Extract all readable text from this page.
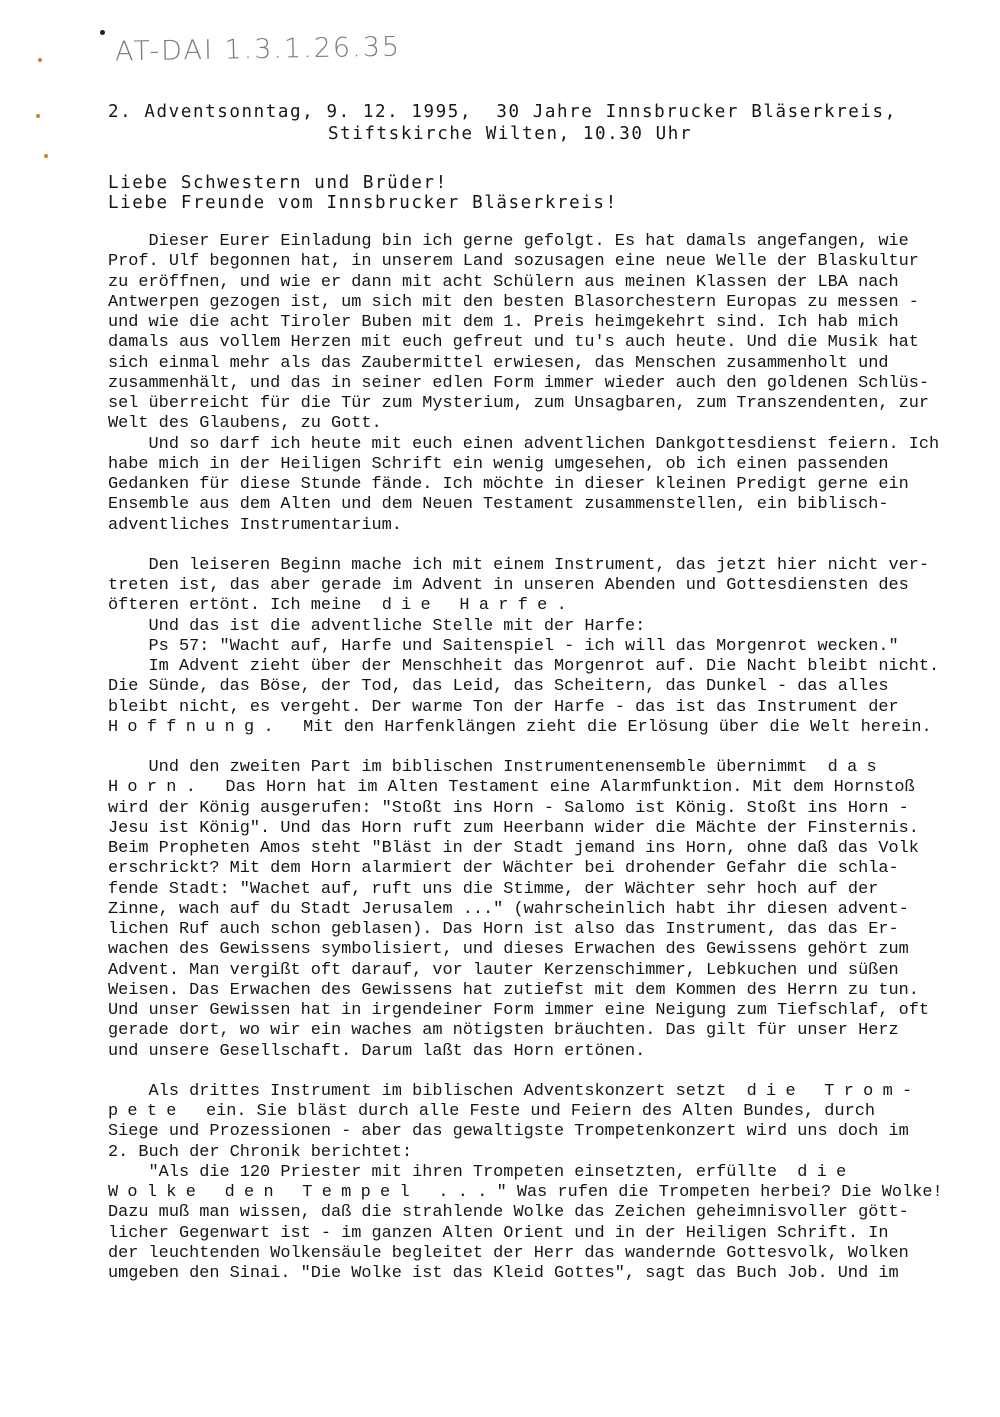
AT-DAI 1.3.1.26.35
2. Adventsonntag, 9. 12. 1995,  30 Jahre Innsbrucker Bläserkreis,
Stiftskirche Wilten, 10.30 Uhr
Liebe Schwestern und Brüder!
Liebe Freunde vom Innsbrucker Bläserkreis!
Dieser Eurer Einladung bin ich gerne gefolgt. Es hat damals angefangen, wie
Prof. Ulf begonnen hat, in unserem Land sozusagen eine neue Welle der Blaskultur
zu eröffnen, und wie er dann mit acht Schülern aus meinen Klassen der LBA nach
Antwerpen gezogen ist, um sich mit den besten Blasorchestern Europas zu messen -
und wie die acht Tiroler Buben mit dem 1. Preis heimgekehrt sind. Ich hab mich
damals aus vollem Herzen mit euch gefreut und tu's auch heute. Und die Musik hat
sich einmal mehr als das Zaubermittel erwiesen, das Menschen zusammenholt und
zusammenhält, und das in seiner edlen Form immer wieder auch den goldenen Schlüs-
sel überreicht für die Tür zum Mysterium, zum Unsagbaren, zum Transzendenten, zur
Welt des Glaubens, zu Gott.
Und so darf ich heute mit euch einen adventlichen Dankgottesdienst feiern. Ich
habe mich in der Heiligen Schrift ein wenig umgesehen, ob ich einen passenden
Gedanken für diese Stunde fände. Ich möchte in dieser kleinen Predigt gerne ein
Ensemble aus dem Alten und dem Neuen Testament zusammenstellen, ein biblisch-
adventliches Instrumentarium.
Den leiseren Beginn mache ich mit einem Instrument, das jetzt hier nicht ver-
treten ist, das aber gerade im Advent in unseren Abenden und Gottesdiensten des
öfteren ertönt. Ich meine  die Harfe.
Und das ist die adventliche Stelle mit der Harfe:
Ps 57: "Wacht auf, Harfe und Saitenspiel - ich will das Morgenrot wecken."
Im Advent zieht über der Menschheit das Morgenrot auf. Die Nacht bleibt nicht.
Die Sünde, das Böse, der Tod, das Leid, das Scheitern, das Dunkel - das alles
bleibt nicht, es vergeht. Der warme Ton der Harfe - das ist das Instrument der
Hoffnung.  Mit den Harfenklängen zieht die Erlösung über die Welt herein.
Und den zweiten Part im biblischen Instrumentenensemble übernimmt  das
Horn.  Das Horn hat im Alten Testament eine Alarmfunktion. Mit dem Hornstoß
wird der König ausgerufen: "Stoßt ins Horn - Salomo ist König. Stoßt ins Horn -
Jesu ist König". Und das Horn ruft zum Heerbann wider die Mächte der Finsternis.
Beim Propheten Amos steht "Bläst in der Stadt jemand ins Horn, ohne daß das Volk
erschrickt? Mit dem Horn alarmiert der Wächter bei drohender Gefahr die schla-
fende Stadt: "Wachet auf, ruft uns die Stimme, der Wächter sehr hoch auf der
Zinne, wach auf du Stadt Jerusalem ..." (wahrscheinlich habt ihr diesen advent-
lichen Ruf auch schon geblasen). Das Horn ist also das Instrument, das das Er-
wachen des Gewissens symbolisiert, und dieses Erwachen des Gewissens gehört zum
Advent. Man vergißt oft darauf, vor lauter Kerzenschimmer, Lebkuchen und süßen
Weisen. Das Erwachen des Gewissens hat zutiefst mit dem Kommen des Herrn zu tun.
Und unser Gewissen hat in irgendeiner Form immer eine Neigung zum Tiefschlaf, oft
gerade dort, wo wir ein waches am nötigsten bräuchten. Das gilt für unser Herz
und unsere Gesellschaft. Darum laßt das Horn ertönen.
Als drittes Instrument im biblischen Adventskonzert setzt  die Trom-
pete  ein. Sie bläst durch alle Feste und Feiern des Alten Bundes, durch
Siege und Prozessionen - aber das gewaltigste Trompetenkonzert wird uns doch im
2. Buch der Chronik berichtet:
"Als die 120 Priester mit ihren Trompeten einsetzten, erfüllte  die
Wolke den Tempel ..." Was rufen die Trompeten herbei? Die Wolke!
Dazu muß man wissen, daß die strahlende Wolke das Zeichen geheimnisvoller gött-
licher Gegenwart ist - im ganzen Alten Orient und in der Heiligen Schrift. In
der leuchtenden Wolkensäule begleitet der Herr das wandernde Gottesvolk, Wolken
umgeben den Sinai. "Die Wolke ist das Kleid Gottes", sagt das Buch Job. Und im
